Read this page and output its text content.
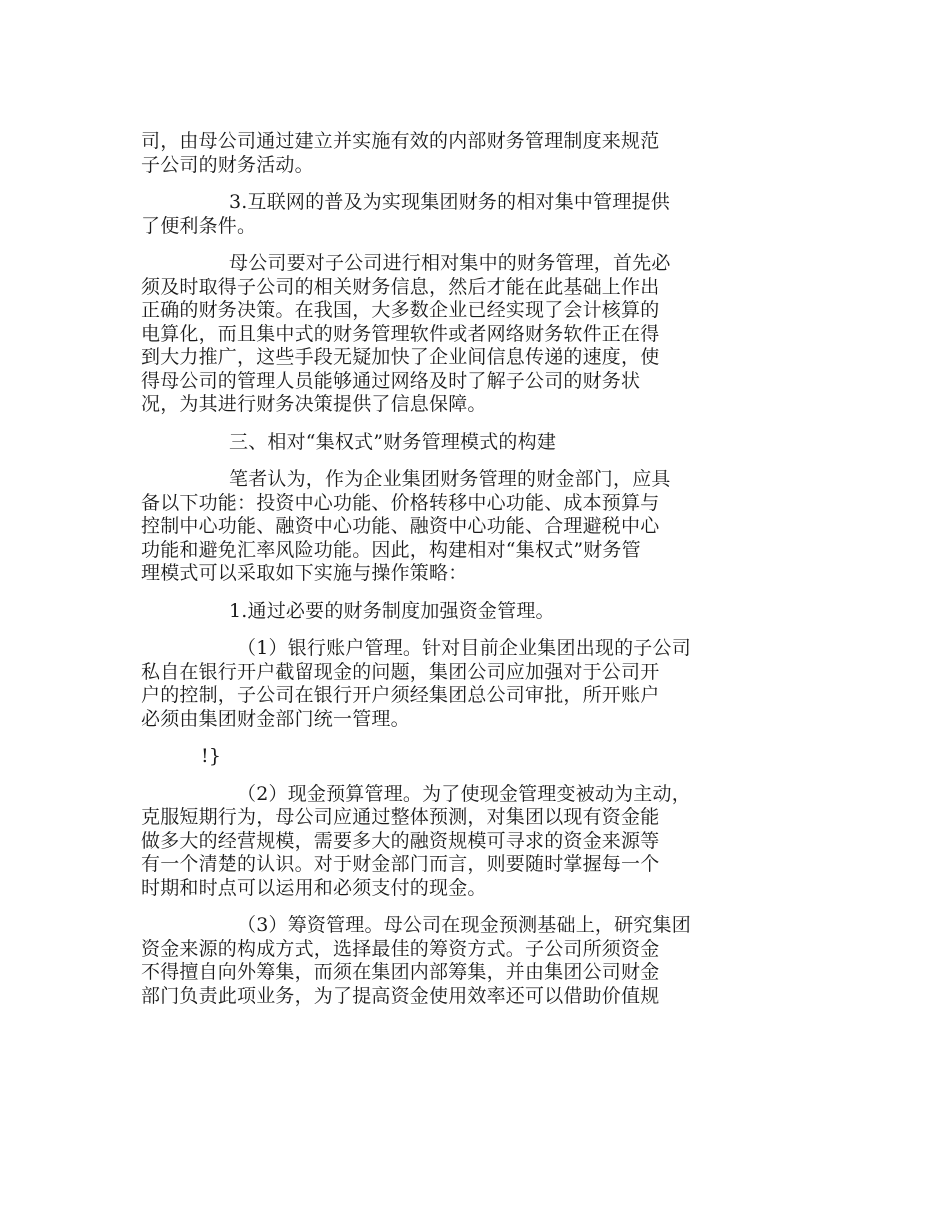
司，由母公司通过建立并实施有效的内部财务管理制度来规范
子公司的财务活动。

3.互联网的普及为实现集团财务的相对集中管理提供
了便利条件。

母公司要对子公司进行相对集中的财务管理，首先必
须及时取得子公司的相关财务信息，然后才能在此基础上作出
正确的财务决策。在我国，大多数企业已经实现了会计核算的
电算化，而且集中式的财务管理软件或者网络财务软件正在得
到大力推广，这些手段无疑加快了企业间信息传递的速度，使
得母公司的管理人员能够通过网络及时了解子公司的财务状
况，为其进行财务决策提供了信息保障。

三、相对“集权式”财务管理模式的构建

笔者认为，作为企业集团财务管理的财金部门，应具
备以下功能：投资中心功能、价格转移中心功能、成本预算与
控制中心功能、融资中心功能、融资中心功能、合理避税中心
功能和避免汇率风险功能。因此，构建相对“集权式”财务管
理模式可以采取如下实施与操作策略：

1.通过必要的财务制度加强资金管理。

（1）银行账户管理。针对目前企业集团出现的子公司
私自在银行开户截留现金的问题，集团公司应加强对于公司开
户的控制，子公司在银行开户须经集团总公司审批，所开账户
必须由集团财金部门统一管理。

!}

（2）现金预算管理。为了使现金管理变被动为主动，
克服短期行为，母公司应通过整体预测，对集团以现有资金能
做多大的经营规模，需要多大的融资规模可寻求的资金来源等
有一个清楚的认识。对于财金部门而言，则要随时掌握每一个
时期和时点可以运用和必须支付的现金。

（3）筹资管理。母公司在现金预测基础上，研究集团
资金来源的构成方式，选择最佳的筹资方式。子公司所须资金
不得擅自向外筹集，而须在集团内部筹集，并由集团公司财金
部门负责此项业务，为了提高资金使用效率还可以借助价值规
